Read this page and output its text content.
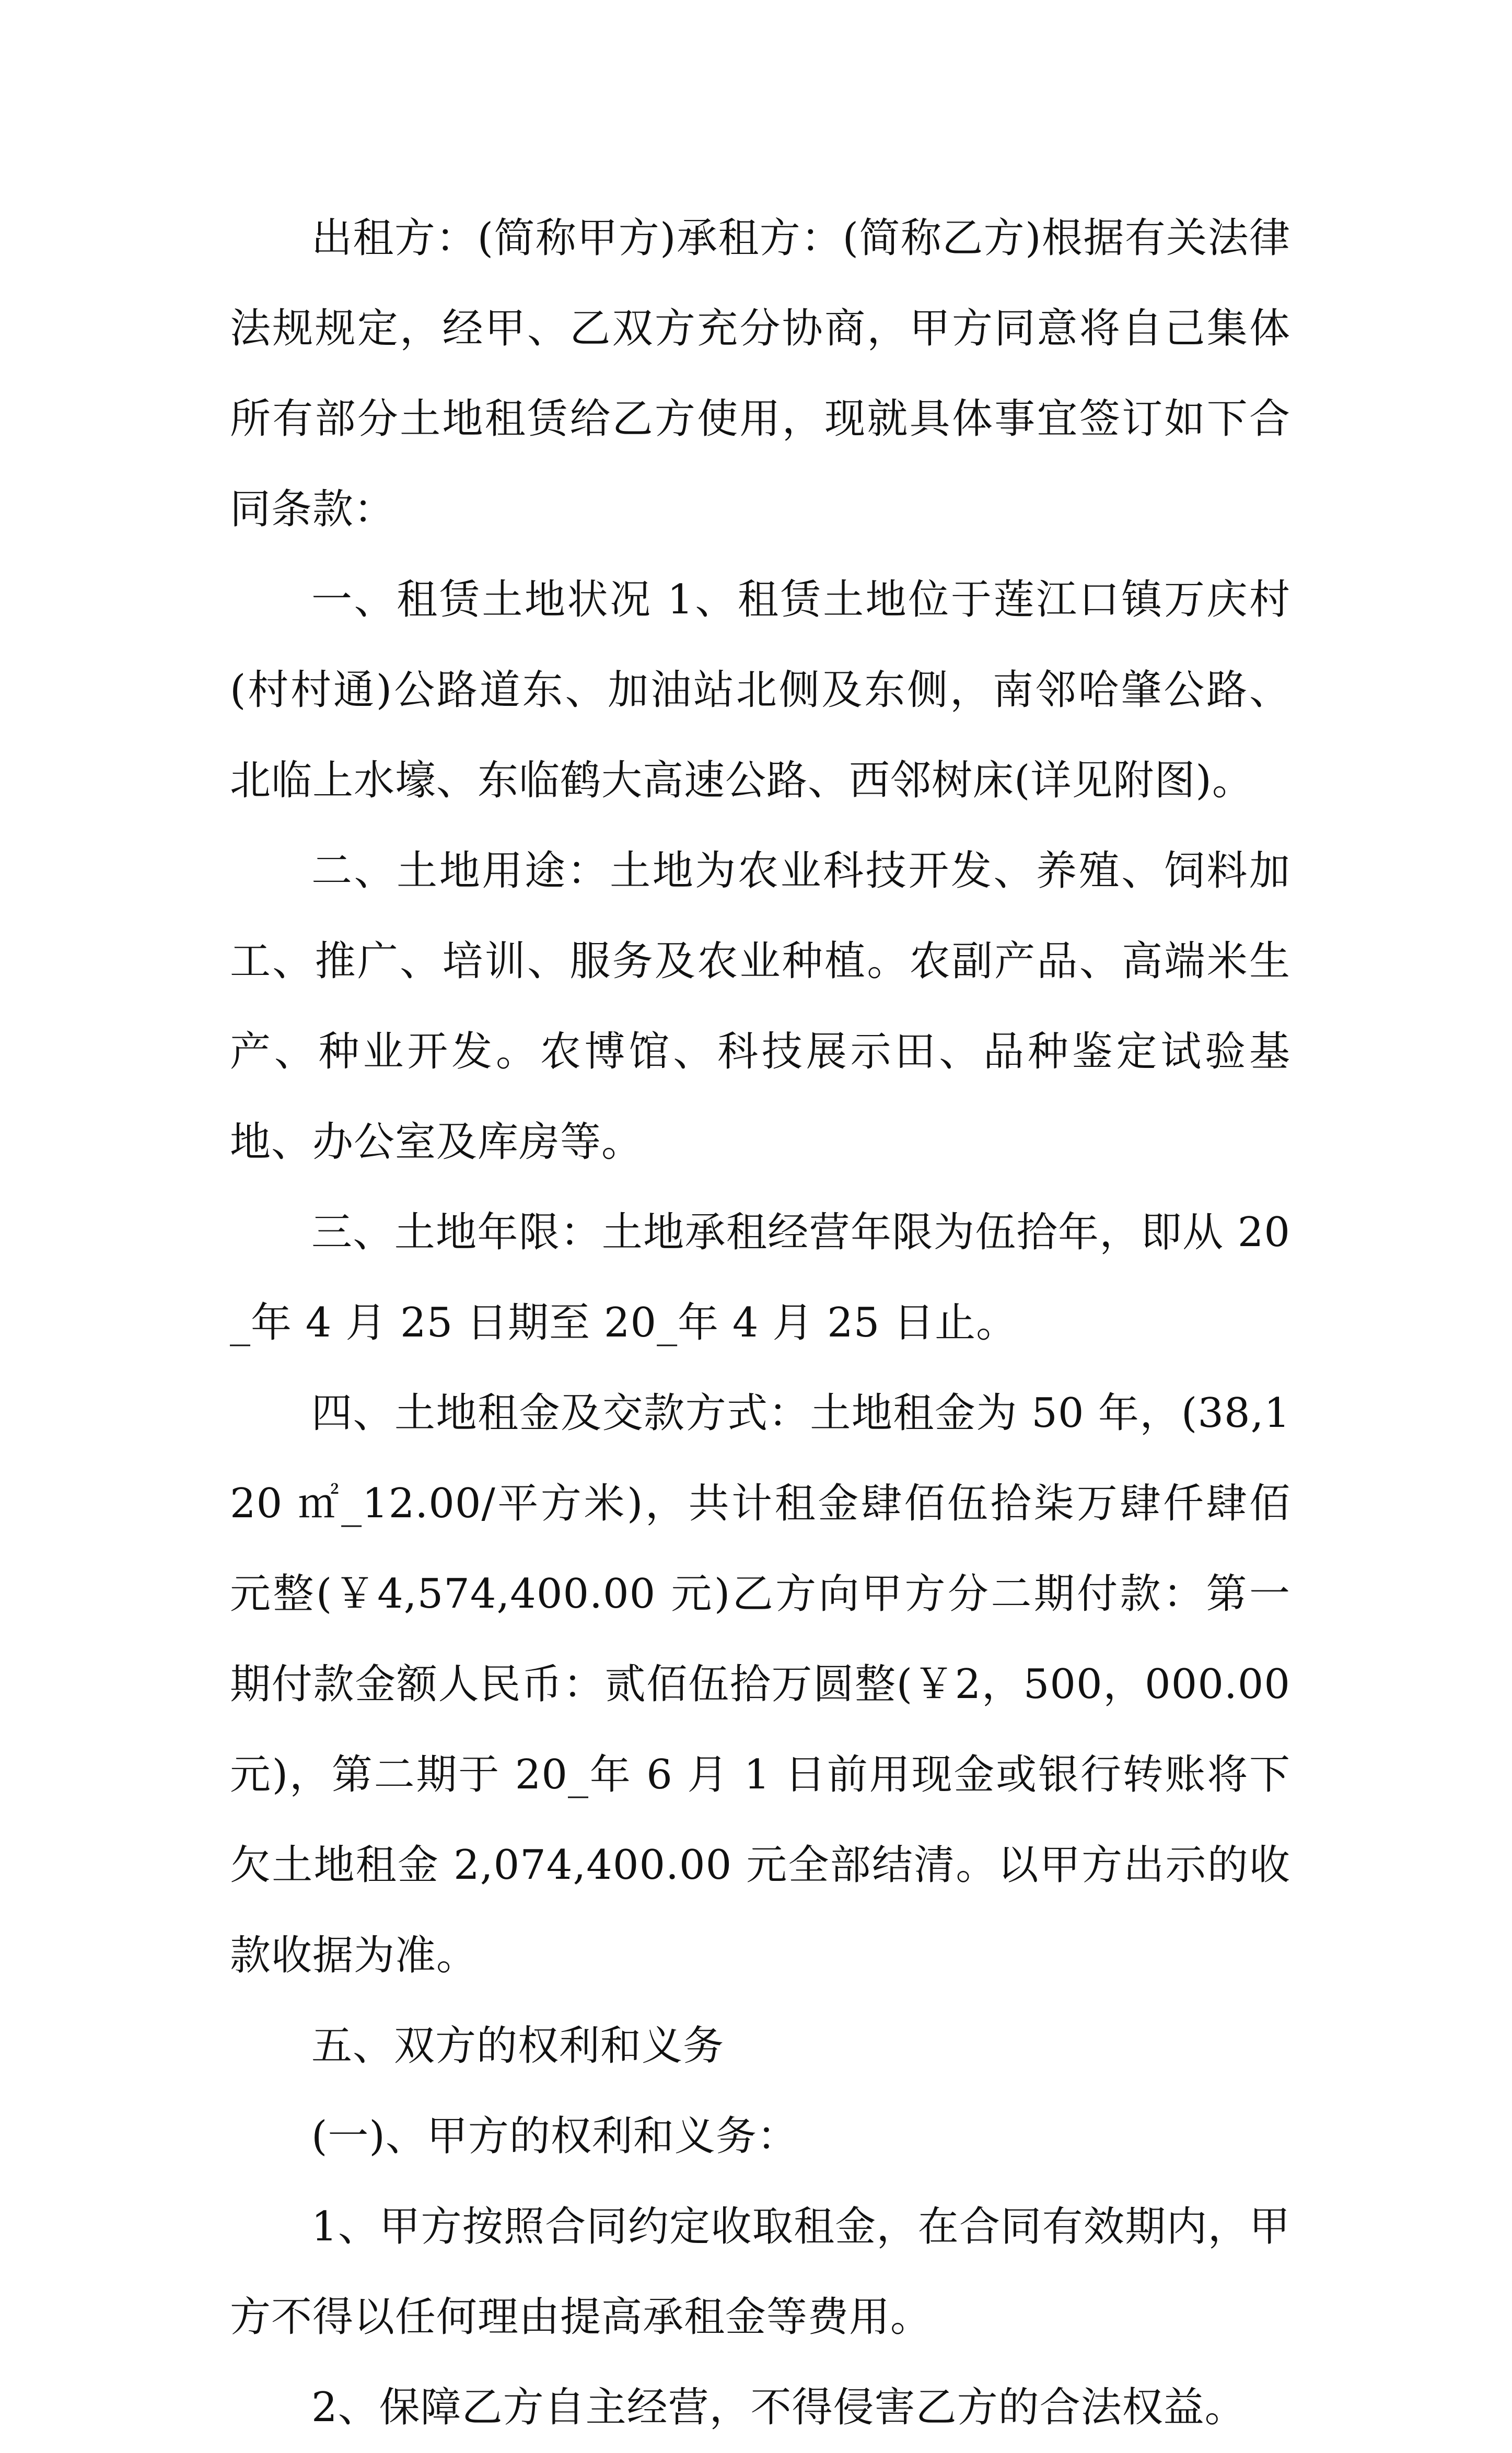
出租方：(简称甲方)承租方：(简称乙方)根据有关法律法规规定，经甲、乙双方充分协商，甲方同意将自己集体所有部分土地租赁给乙方使用，现就具体事宜签订如下合同条款：

一、租赁土地状况 1、租赁土地位于莲江口镇万庆村(村村通)公路道东、加油站北侧及东侧，南邻哈肇公路、北临上水壕、东临鹤大高速公路、西邻树床(详见附图)。

二、土地用途：土地为农业科技开发、养殖、饲料加工、推广、培训、服务及农业种植。农副产品、高端米生产、种业开发。农博馆、科技展示田、品种鉴定试验基地、办公室及库房等。

三、土地年限：土地承租经营年限为伍拾年，即从 20_年 4 月 25 日期至 20_年 4 月 25 日止。

四、土地租金及交款方式：土地租金为 50 年，(38,120 ㎡_12.00/平方米)，共计租金肆佰伍拾柒万肆仟肆佰元整(￥4,574,400.00 元)乙方向甲方分二期付款：第一期付款金额人民币：贰佰伍拾万圆整(￥2，500，000.00 元)，第二期于 20_年 6 月 1 日前用现金或银行转账将下欠土地租金 2,074,400.00 元全部结清。以甲方出示的收款收据为准。

五、双方的权利和义务

(一)、甲方的权利和义务：

1、甲方按照合同约定收取租金，在合同有效期内，甲方不得以任何理由提高承租金等费用。

2、保障乙方自主经营，不得侵害乙方的合法权益。
